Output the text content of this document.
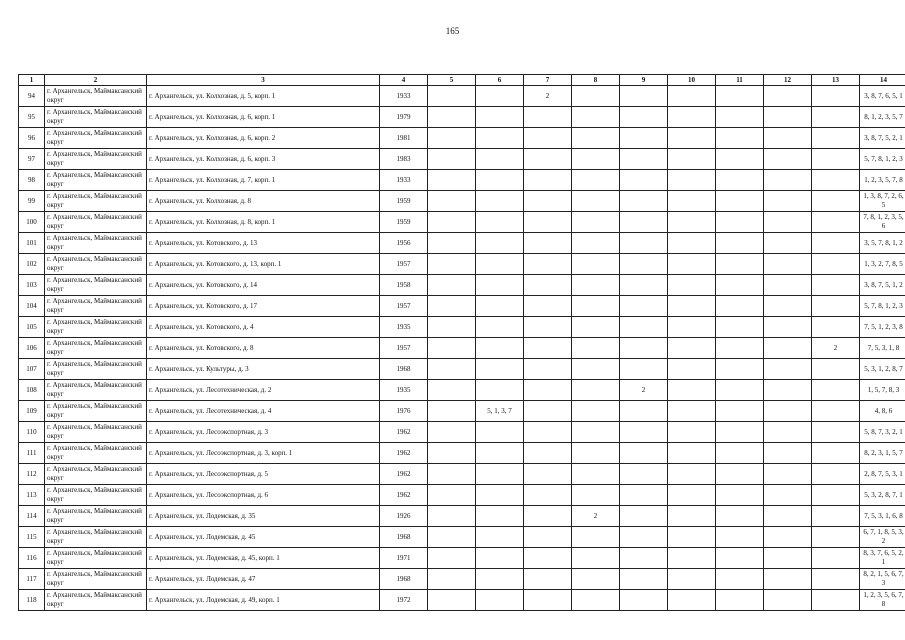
165
1	2	3	4	5	6	7	8	9	10	11	12	13	14
94	г. Архангельск, Маймаксанский округ	г. Архангельск, ул. Колхозная, д. 5, корп. 1	1933			2							3, 8, 7, 6, 5, 1
95	г. Архангельск, Маймаксанский округ	г. Архангельск, ул. Колхозная, д. 6, корп. 1	1979										8, 1, 2, 3, 5, 7
96	г. Архангельск, Маймаксанский округ	г. Архангельск, ул. Колхозная, д. 6, корп. 2	1981										3, 8, 7, 5, 2, 1
97	г. Архангельск, Маймаксанский округ	г. Архангельск, ул. Колхозная, д. 6, корп. 3	1983										5, 7, 8, 1, 2, 3
98	г. Архангельск, Маймаксанский округ	г. Архангельск, ул. Колхозная, д. 7, корп. 1	1933										1, 2, 3, 5, 7, 8
99	г. Архангельск, Маймаксанский округ	г. Архангельск, ул. Колхозная, д. 8	1959										1, 3, 8, 7, 2, 6, 5
100	г. Архангельск, Маймаксанский округ	г. Архангельск, ул. Колхозная, д. 8, корп. 1	1959										7, 8, 1, 2, 3, 5, 6
101	г. Архангельск, Маймаксанский округ	г. Архангельск, ул. Котовского, д. 13	1956										3, 5, 7, 8, 1, 2
102	г. Архангельск, Маймаксанский округ	г. Архангельск, ул. Котовского, д. 13, корп. 1	1957										1, 3, 2, 7, 8, 5
103	г. Архангельск, Маймаксанский округ	г. Архангельск, ул. Котовского, д. 14	1958										3, 8, 7, 5, 1, 2
104	г. Архангельск, Маймаксанский округ	г. Архангельск, ул. Котовского, д. 17	1957										5, 7, 8, 1, 2, 3
105	г. Архангельск, Маймаксанский округ	г. Архангельск, ул. Котовского, д. 4	1935										7, 5, 1, 2, 3, 8
106	г. Архангельск, Маймаксанский округ	г. Архангельск, ул. Котовского, д. 8	1957									2	7, 5, 3, 1, 8
107	г. Архангельск, Маймаксанский округ	г. Архангельск, ул. Культуры, д. 3	1968										5, 3, 1, 2, 8, 7
108	г. Архангельск, Маймаксанский округ	г. Архангельск, ул. Лесотехническая, д. 2	1935					2					1, 5, 7, 8, 3
109	г. Архангельск, Маймаксанский округ	г. Архангельск, ул. Лесотехническая, д. 4	1976		5, 1, 3, 7								4, 8, 6
110	г. Архангельск, Маймаксанский округ	г. Архангельск, ул. Лесоэкспортная, д. 3	1962										5, 8, 7, 3, 2, 1
111	г. Архангельск, Маймаксанский округ	г. Архангельск, ул. Лесоэкспортная, д. 3, корп. 1	1962										8, 2, 3, 1, 5, 7
112	г. Архангельск, Маймаксанский округ	г. Архангельск, ул. Лесоэкспортная, д. 5	1962										2, 8, 7, 5, 3, 1
113	г. Архангельск, Маймаксанский округ	г. Архангельск, ул. Лесоэкспортная, д. 6	1962										5, 3, 2, 8, 7, 1
114	г. Архангельск, Маймаксанский округ	г. Архангельск, ул. Лодемская, д. 35	1926				2						7, 5, 3, 1, 6, 8
115	г. Архангельск, Маймаксанский округ	г. Архангельск, ул. Лодемская, д. 45	1968										6, 7, 1, 8, 5, 3, 2
116	г. Архангельск, Маймаксанский округ	г. Архангельск, ул. Лодемская, д. 45, корп. 1	1971										8, 3, 7, 6, 5, 2, 1
117	г. Архангельск, Маймаксанский округ	г. Архангельск, ул. Лодемская, д. 47	1968										8, 2, 1, 5, 6, 7, 3
118	г. Архангельск, Маймаксанский округ	г. Архангельск, ул. Лодемская, д. 49, корп. 1	1972										1, 2, 3, 5, 6, 7, 8
